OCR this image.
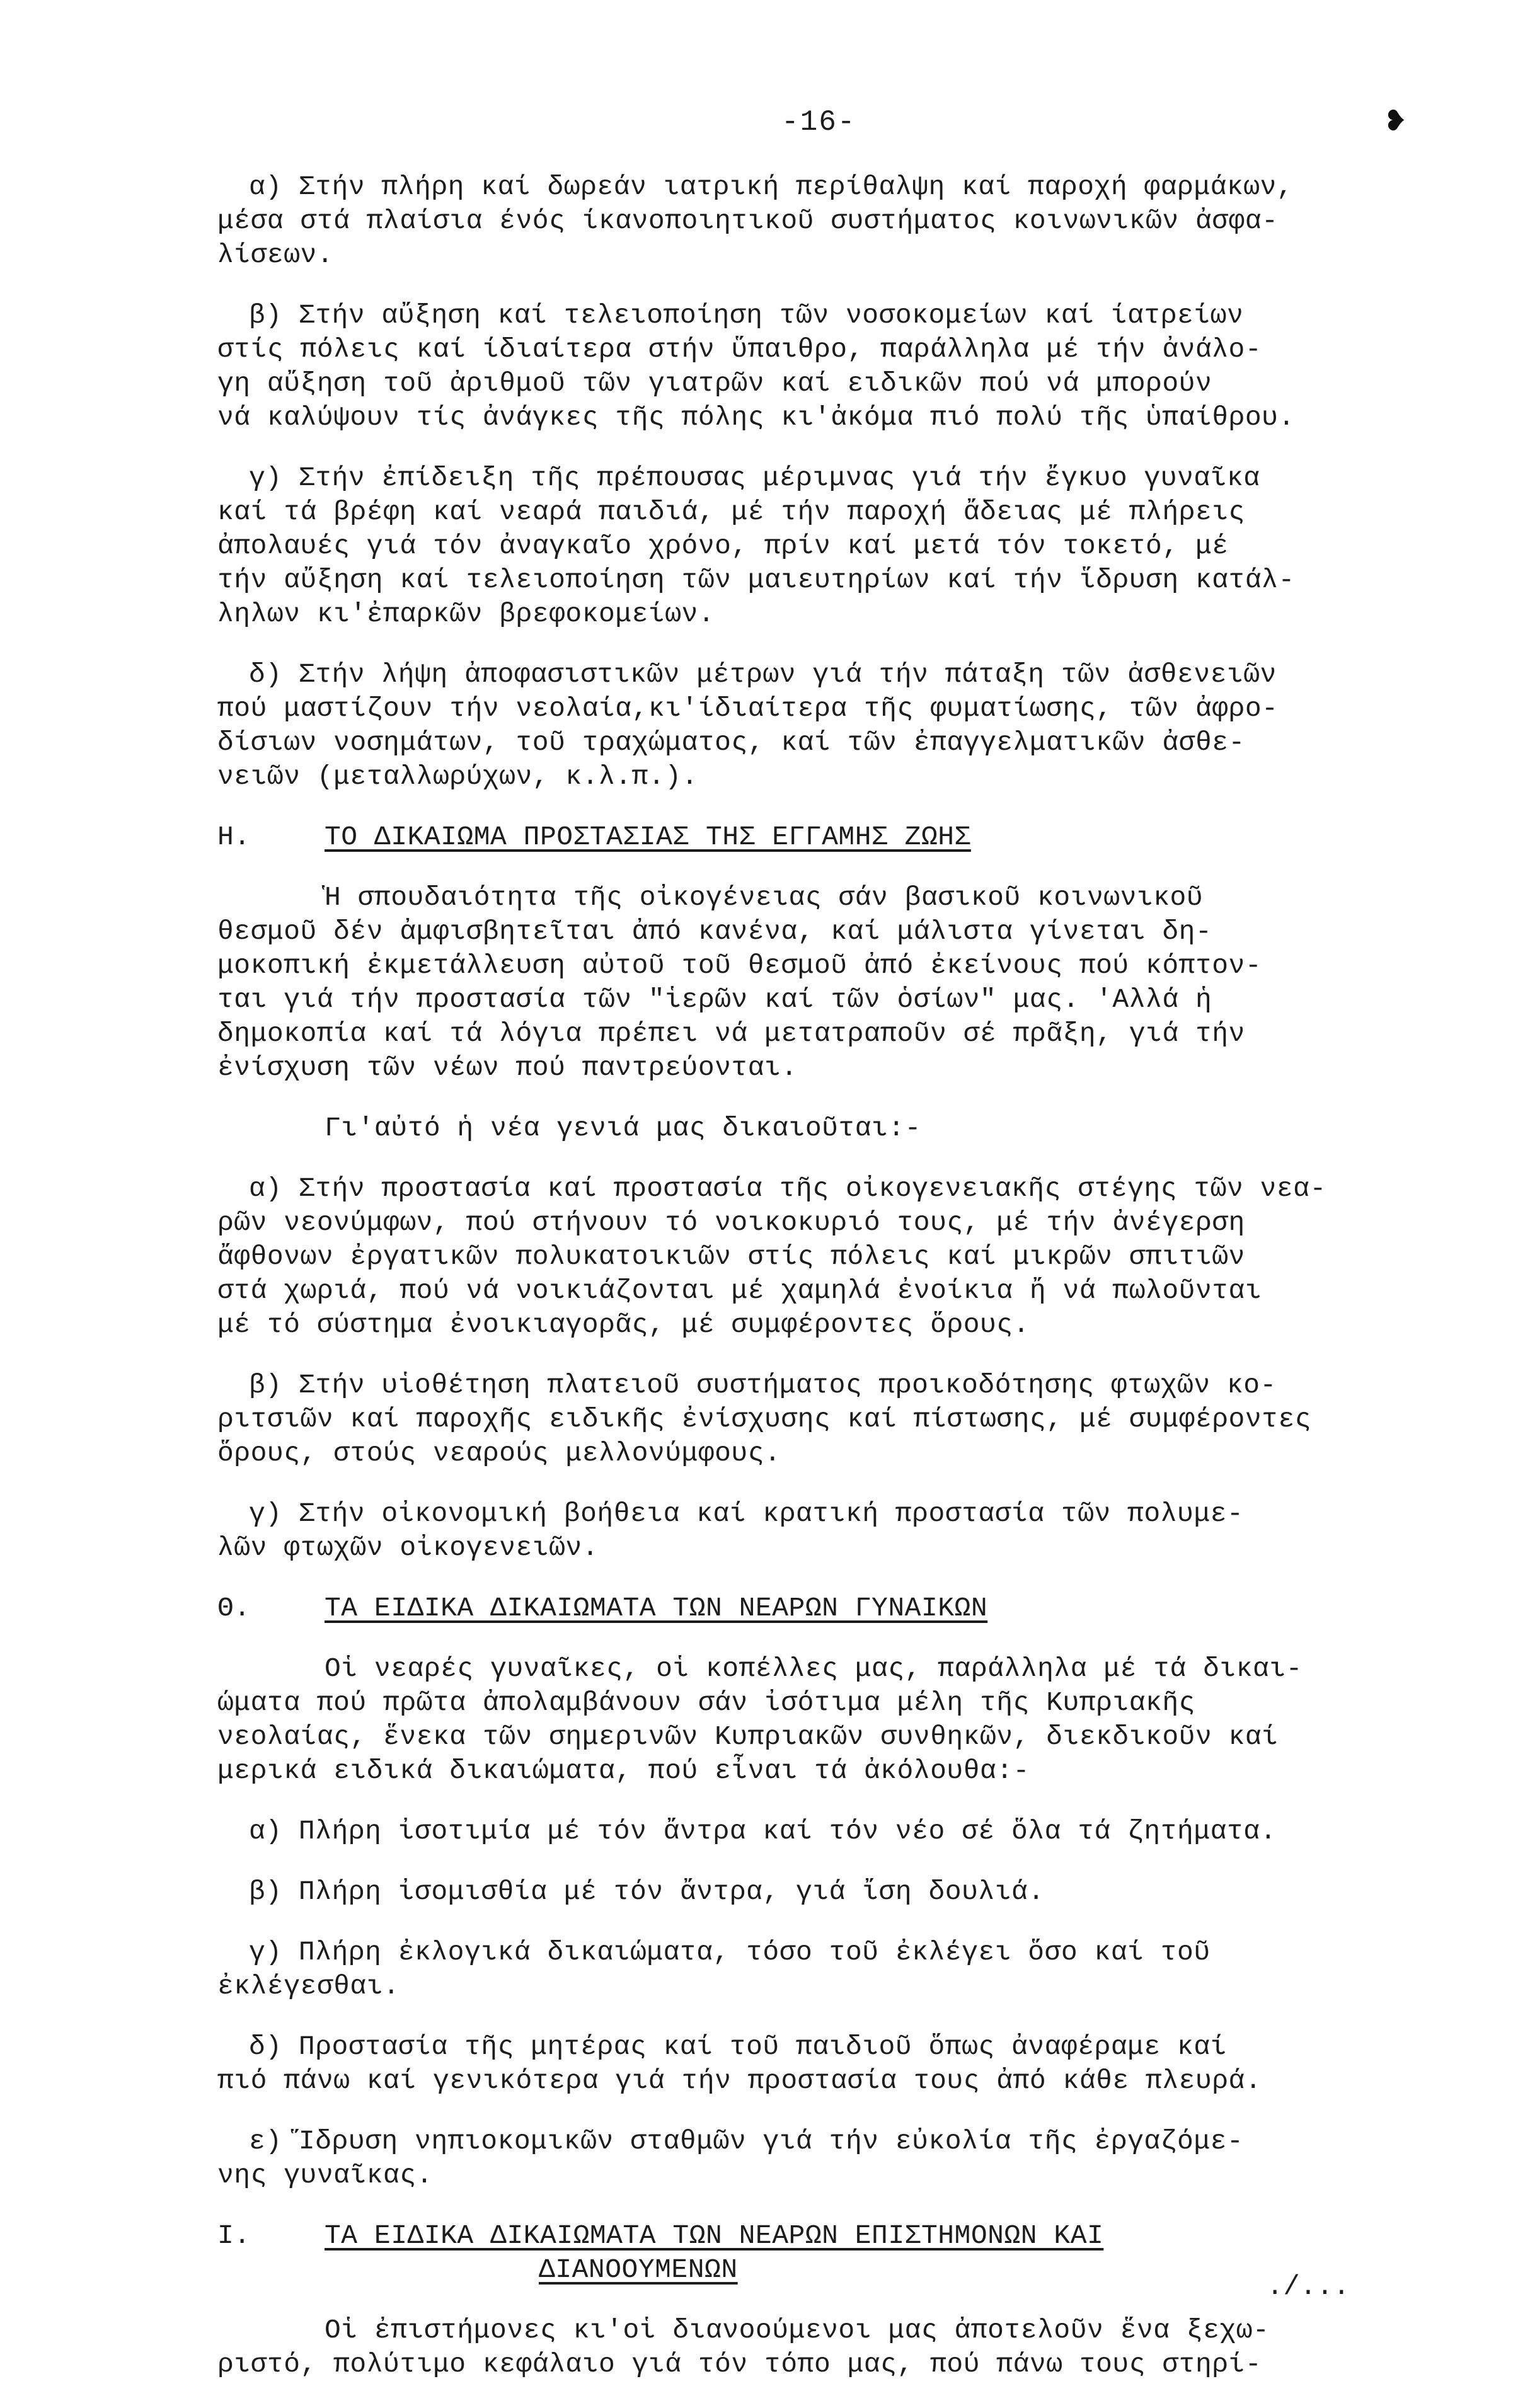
-16-	❥
α) Στήν πλήρη καί δωρεάν ιατρική περίθαλψη καί παροχή φαρμάκων,
μέσα στά πλαίσια ένός ίκανοποιητικοῦ συστήματος κοινωνικῶν ἀσφα-
λίσεων.
β) Στήν αὔξηση καί τελειοποίηση τῶν νοσοκομείων καί ίατρείων
στίς πόλεις καί ίδιαίτερα στήν ὕπαιθρο, παράλληλα μέ τήν ἀνάλο-
γη αὔξηση τοῦ ἀριθμοῦ τῶν γιατρῶν καί ειδικῶν πού νά μπορούν
νά καλύψουν τίς ἀνάγκες τῆς πόλης κι'ἀκόμα πιό πολύ τῆς ὑπαίθρου.
γ) Στήν ἐπίδειξη τῆς πρέπουσας μέριμνας γιά τήν ἔγκυο γυναῖκα
καί τά βρέφη καί νεαρά παιδιά, μέ τήν παροχή ἄδειας μέ πλήρεις
ἀπολαυές γιά τόν ἀναγκαῖο χρόνο, πρίν καί μετά τόν τοκετό, μέ
τήν αὔξηση καί τελειοποίηση τῶν μαιευτηρίων καί τήν ἵδρυση κατάλ-
ληλων κι'ἐπαρκῶν βρεφοκομείων.
δ) Στήν λήψη ἀποφασιστικῶν μέτρων γιά τήν πάταξη τῶν ἀσθενειῶν
πού μαστίζουν τήν νεολαία,κι'ίδιαίτερα τῆς φυματίωσης, τῶν ἀφρο-
δίσιων νοσημάτων, τοῦ τραχώματος, καί τῶν ἐπαγγελματικῶν ἀσθε-
νειῶν (μεταλλωρύχων, κ.λ.π.).
Η.	ΤΟ ΔΙΚΑΙΩΜΑ ΠΡΟΣΤΑΣΙΑΣ ΤΗΣ ΕΓΓΑΜΗΣ ΖΩΗΣ
Ἡ σπουδαιότητα τῆς οἰκογένειας σάν βασικοῦ κοινωνικοῦ
θεσμοῦ δέν ἀμφισβητεῖται ἀπό κανένα, καί μάλιστα γίνεται δη-
μοκοπική ἐκμετάλλευση αὐτοῦ τοῦ θεσμοῦ ἀπό ἐκείνους πού κόπτον-
ται γιά τήν προστασία τῶν "ἱερῶν καί τῶν ὁσίων" μας. 'Αλλά ἡ
δημοκοπία καί τά λόγια πρέπει νά μετατραποῦν σέ πρᾶξη, γιά τήν
ἐνίσχυση τῶν νέων πού παντρεύονται.
Γι'αὐτό ἡ νέα γενιά μας δικαιοῦται:-
α) Στήν προστασία καί προστασία τῆς οἰκογενειακῆς στέγης τῶν νεα-
ρῶν νεονύμφων, πού στήνουν τό νοικοκυριό τους, μέ τήν ἀνέγερση
ἄφθονων ἐργατικῶν πολυκατοικιῶν στίς πόλεις καί μικρῶν σπιτιῶν
στά χωριά, πού νά νοικιάζονται μέ χαμηλά ἐνοίκια ἤ νά πωλοῦνται
μέ τό σύστημα ἐνοικιαγορᾶς, μέ συμφέροντες ὅρους.
β) Στήν υἱοθέτηση πλατειοῦ συστήματος προικοδότησης φτωχῶν κο-
ριτσιῶν καί παροχῆς ειδικῆς ἐνίσχυσης καί πίστωσης, μέ συμφέροντες
ὅρους, στούς νεαρούς μελλονύμφους.
γ) Στήν οἰκονομική βοήθεια καί κρατική προστασία τῶν πολυμε-
λῶν φτωχῶν οἰκογενειῶν.
Θ.	ΤΑ ΕΙΔΙΚΑ ΔΙΚΑΙΩΜΑΤΑ ΤΩΝ ΝΕΑΡΩΝ ΓΥΝΑΙΚΩΝ
Οἱ νεαρές γυναῖκες, οἱ κοπέλλες μας, παράλληλα μέ τά δικαι-
ώματα πού πρῶτα ἀπολαμβάνουν σάν ἰσότιμα μέλη τῆς Κυπριακῆς
νεολαίας, ἕνεκα τῶν σημερινῶν Κυπριακῶν συνθηκῶν, διεκδικοῦν καί
μερικά ειδικά δικαιώματα, πού εἶναι τά ἀκόλουθα:-
α) Πλήρη ἰσοτιμία μέ τόν ἄντρα καί τόν νέο σέ ὅλα τά ζητήματα.
β) Πλήρη ἰσομισθία μέ τόν ἄντρα, γιά ἴση δουλιά.
γ) Πλήρη ἐκλογικά δικαιώματα, τόσο τοῦ ἐκλέγει ὅσο καί τοῦ
ἐκλέγεσθαι.
δ) Προστασία τῆς μητέρας καί τοῦ παιδιοῦ ὅπως ἀναφέραμε καί
πιό πάνω καί γενικότερα γιά τήν προστασία τους ἀπό κάθε πλευρά.
ε) Ἵδρυση νηπιοκομικῶν σταθμῶν γιά τήν εὐκολία τῆς ἐργαζόμε-
νης γυναῖκας.
Ι.	ΤΑ ΕΙΔΙΚΑ ΔΙΚΑΙΩΜΑΤΑ ΤΩΝ ΝΕΑΡΩΝ ΕΠΙΣΤΗΜΟΝΩΝ ΚΑΙ
ΔΙΑΝΟΟΥΜΕΝΩΝ
Οἱ ἐπιστήμονες κι'οἱ διανοούμενοι μας ἀποτελοῦν ἕνα ξεχω-
ριστό, πολύτιμο κεφάλαιο γιά τόν τόπο μας, πού πάνω τους στηρί-
./...
